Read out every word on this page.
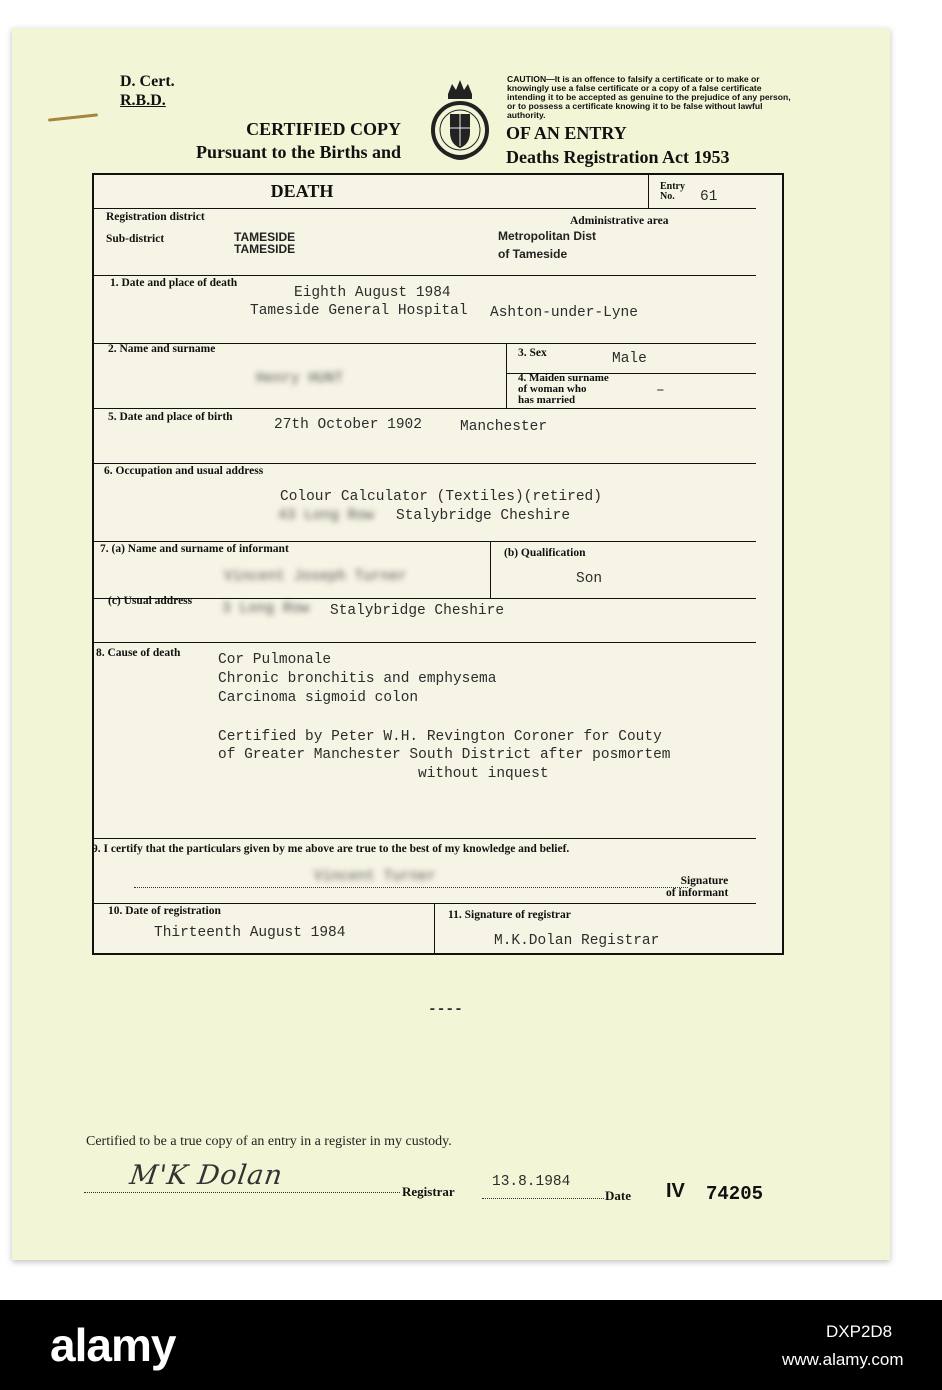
D. Cert.
R.B.D.
CERTIFIED COPY
Pursuant to the Births and
CAUTION—It is an offence to falsify a certificate or to make or knowingly use a false certificate or a copy of a false certificate intending it to be accepted as genuine to the prejudice of any person, or to possess a certificate knowing it to be false without lawful authority.
OF AN ENTRY
Deaths Registration Act 1953
DEATH	Entry
No.	61
Registration district
Sub-district	TAMESIDE
TAMESIDE
Administrative area
Metropolitan Dist
of Tameside
1. Date and place of death
Eighth August 1984
Tameside General Hospital Ashton-under-Lyne
2. Name and surname
Henry HUNT
3. Sex	Male
4. Maiden surname
of woman who
has married
–
5. Date and place of birth	27th October 1902	Manchester
6. Occupation and usual address
Colour Calculator (Textiles)(retired)
43 Long Row Stalybridge Cheshire
7. (a) Name and surname of informant
Vincent Joseph Turner
(b) Qualification
Son
(c) Usual address 3 Long Row Stalybridge Cheshire
8. Cause of death	Cor Pulmonale
Chronic bronchitis and emphysema
Carcinoma sigmoid colon
Certified by Peter W.H. Revington Coroner for Couty
of Greater Manchester South District after posmortem
without inquest
9. I certify that the particulars given by me above are true to the best of my knowledge and belief.
Vincent Turner	Signature
of informant
10. Date of registration
Thirteenth August 1984
11. Signature of registrar
M.K.Dolan Registrar
----
Certified to be a true copy of an entry in a register in my custody.
M'K Dolan
Registrar
13.8.1984
Date IV 74205
alamy	DXP2D8
www.alamy.com
